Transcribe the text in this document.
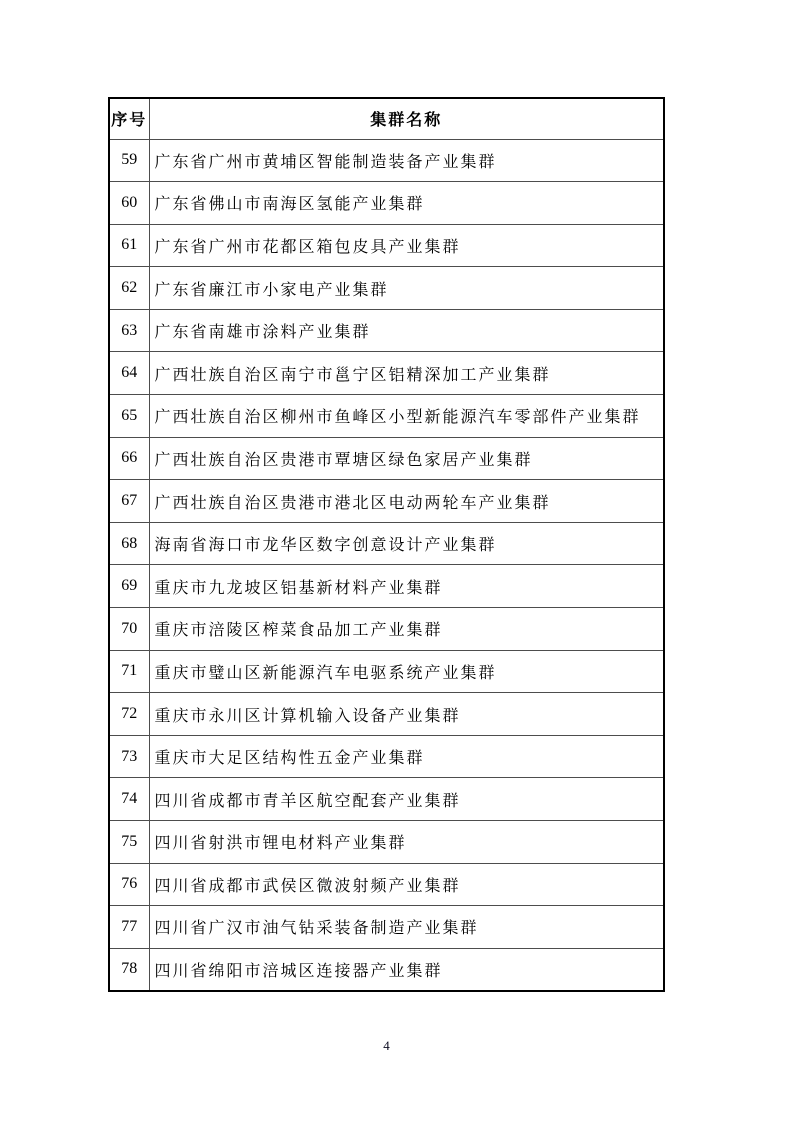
序号	集群名称
59	广东省广州市黄埔区智能制造装备产业集群
60	广东省佛山市南海区氢能产业集群
61	广东省广州市花都区箱包皮具产业集群
62	广东省廉江市小家电产业集群
63	广东省南雄市涂料产业集群
64	广西壮族自治区南宁市邕宁区铝精深加工产业集群
65	广西壮族自治区柳州市鱼峰区小型新能源汽车零部件产业集群
66	广西壮族自治区贵港市覃塘区绿色家居产业集群
67	广西壮族自治区贵港市港北区电动两轮车产业集群
68	海南省海口市龙华区数字创意设计产业集群
69	重庆市九龙坡区铝基新材料产业集群
70	重庆市涪陵区榨菜食品加工产业集群
71	重庆市璧山区新能源汽车电驱系统产业集群
72	重庆市永川区计算机输入设备产业集群
73	重庆市大足区结构性五金产业集群
74	四川省成都市青羊区航空配套产业集群
75	四川省射洪市锂电材料产业集群
76	四川省成都市武侯区微波射频产业集群
77	四川省广汉市油气钻采装备制造产业集群
78	四川省绵阳市涪城区连接器产业集群
4
